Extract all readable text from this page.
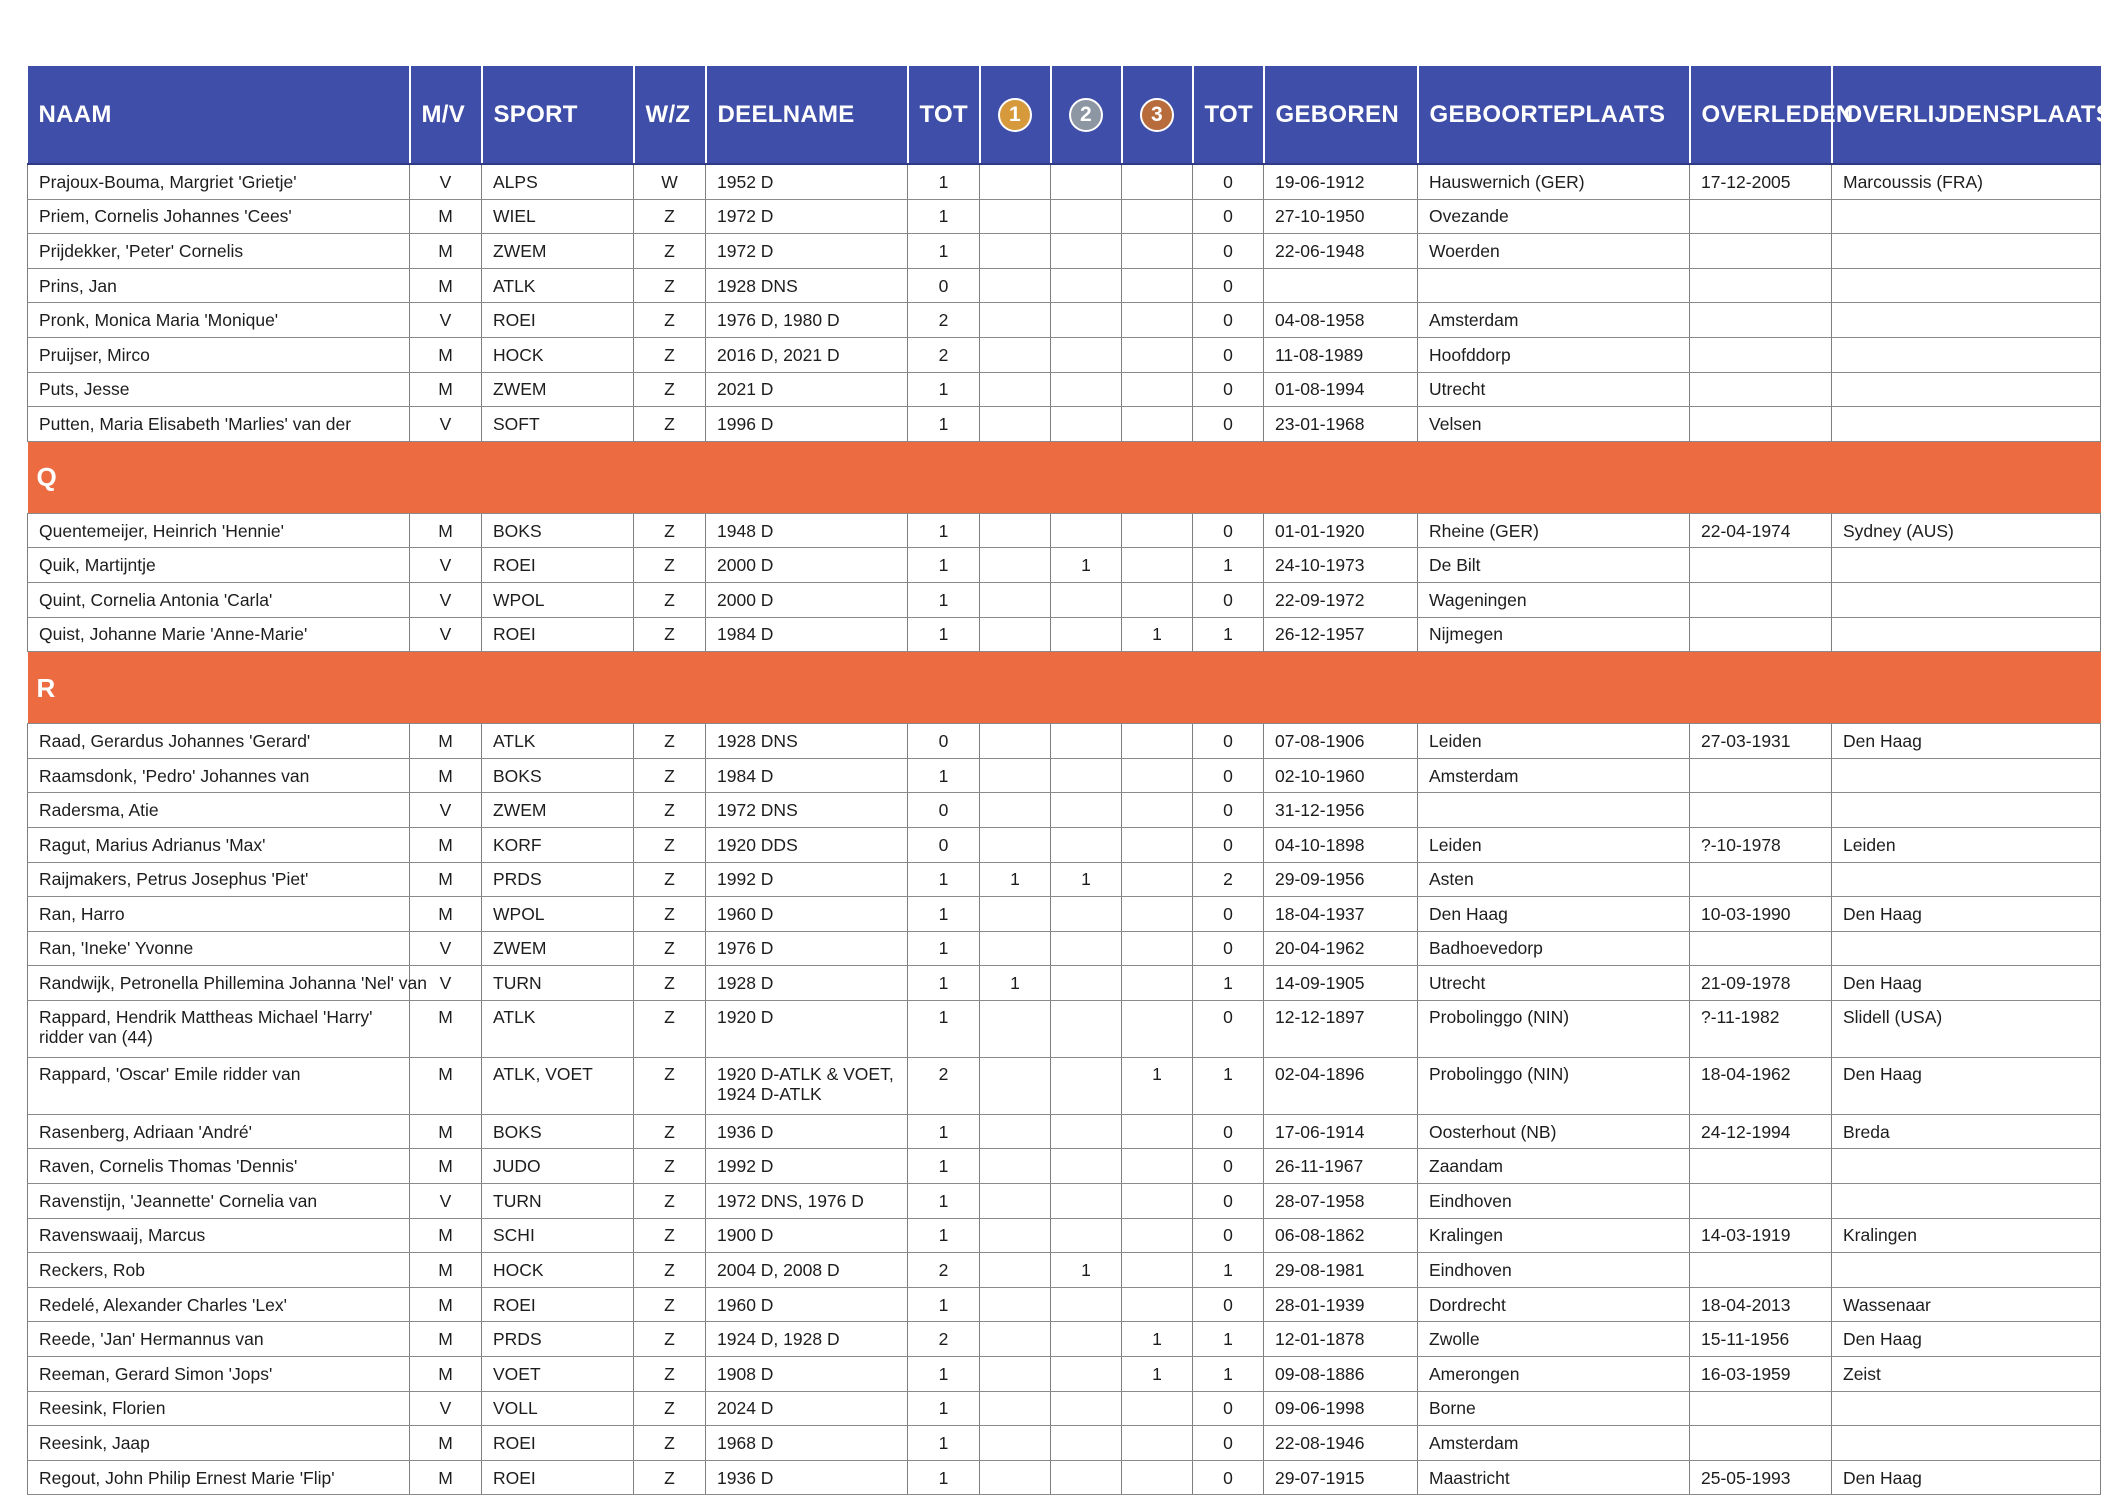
NAAM	M/V	SPORT	W/Z	DEELNAME	TOT	1	2	3	TOT	GEBOREN	GEBOORTEPLAATS	OVERLEDEN	OVERLIJDENSPLAATS
Prajoux-Bouma, Margriet 'Grietje'	V	ALPS	W	1952 D	1				0	19-06-1912	Hauswernich (GER)	17-12-2005	Marcoussis (FRA)
Priem, Cornelis Johannes 'Cees'	M	WIEL	Z	1972 D	1				0	27-10-1950	Ovezande		
Prijdekker, 'Peter' Cornelis	M	ZWEM	Z	1972 D	1				0	22-06-1948	Woerden		
Prins, Jan	M	ATLK	Z	1928 DNS	0				0				
Pronk, Monica Maria 'Monique'	V	ROEI	Z	1976 D, 1980 D	2				0	04-08-1958	Amsterdam		
Pruijser, Mirco	M	HOCK	Z	2016 D, 2021 D	2				0	11-08-1989	Hoofddorp		
Puts, Jesse	M	ZWEM	Z	2021 D	1				0	01-08-1994	Utrecht		
Putten, Maria Elisabeth 'Marlies' van der	V	SOFT	Z	1996 D	1				0	23-01-1968	Velsen		
Q													
Quentemeijer, Heinrich 'Hennie'	M	BOKS	Z	1948 D	1				0	01-01-1920	Rheine (GER)	22-04-1974	Sydney (AUS)
Quik, Martijntje	V	ROEI	Z	2000 D	1		1		1	24-10-1973	De Bilt		
Quint, Cornelia Antonia 'Carla'	V	WPOL	Z	2000 D	1				0	22-09-1972	Wageningen		
Quist, Johanne Marie 'Anne-Marie'	V	ROEI	Z	1984 D	1			1	1	26-12-1957	Nijmegen		
R													
Raad, Gerardus Johannes 'Gerard'	M	ATLK	Z	1928 DNS	0				0	07-08-1906	Leiden	27-03-1931	Den Haag
Raamsdonk, 'Pedro' Johannes van	M	BOKS	Z	1984 D	1				0	02-10-1960	Amsterdam		
Radersma, Atie	V	ZWEM	Z	1972 DNS	0				0	31-12-1956			
Ragut, Marius Adrianus 'Max'	M	KORF	Z	1920 DDS	0				0	04-10-1898	Leiden	?-10-1978	Leiden
Raijmakers, Petrus Josephus 'Piet'	M	PRDS	Z	1992 D	1	1	1		2	29-09-1956	Asten		
Ran, Harro	M	WPOL	Z	1960 D	1				0	18-04-1937	Den Haag	10-03-1990	Den Haag
Ran, 'Ineke' Yvonne	V	ZWEM	Z	1976 D	1				0	20-04-1962	Badhoevedorp		
Randwijk, Petronella Phillemina Johanna 'Nel' van	V	TURN	Z	1928 D	1	1			1	14-09-1905	Utrecht	21-09-1978	Den Haag
Rappard, Hendrik Mattheas Michael 'Harry' ridder van (44)	M	ATLK	Z	1920 D	1				0	12-12-1897	Probolinggo (NIN)	?-11-1982	Slidell (USA)
Rappard, 'Oscar' Emile ridder van	M	ATLK, VOET	Z	1920 D-ATLK & VOET, 1924 D-ATLK	2			1	1	02-04-1896	Probolinggo (NIN)	18-04-1962	Den Haag
Rasenberg, Adriaan 'André'	M	BOKS	Z	1936 D	1				0	17-06-1914	Oosterhout (NB)	24-12-1994	Breda
Raven, Cornelis Thomas 'Dennis'	M	JUDO	Z	1992 D	1				0	26-11-1967	Zaandam		
Ravenstijn, 'Jeannette' Cornelia van	V	TURN	Z	1972 DNS, 1976 D	1				0	28-07-1958	Eindhoven		
Ravenswaaij, Marcus	M	SCHI	Z	1900 D	1				0	06-08-1862	Kralingen	14-03-1919	Kralingen
Reckers, Rob	M	HOCK	Z	2004 D, 2008 D	2		1		1	29-08-1981	Eindhoven		
Redelé, Alexander Charles 'Lex'	M	ROEI	Z	1960 D	1				0	28-01-1939	Dordrecht	18-04-2013	Wassenaar
Reede, 'Jan' Hermannus van	M	PRDS	Z	1924 D, 1928 D	2			1	1	12-01-1878	Zwolle	15-11-1956	Den Haag
Reeman, Gerard Simon 'Jops'	M	VOET	Z	1908 D	1			1	1	09-08-1886	Amerongen	16-03-1959	Zeist
Reesink, Florien	V	VOLL	Z	2024 D	1				0	09-06-1998	Borne		
Reesink, Jaap	M	ROEI	Z	1968 D	1				0	22-08-1946	Amsterdam		
Regout, John Philip Ernest Marie 'Flip'	M	ROEI	Z	1936 D	1				0	29-07-1915	Maastricht	25-05-1993	Den Haag
